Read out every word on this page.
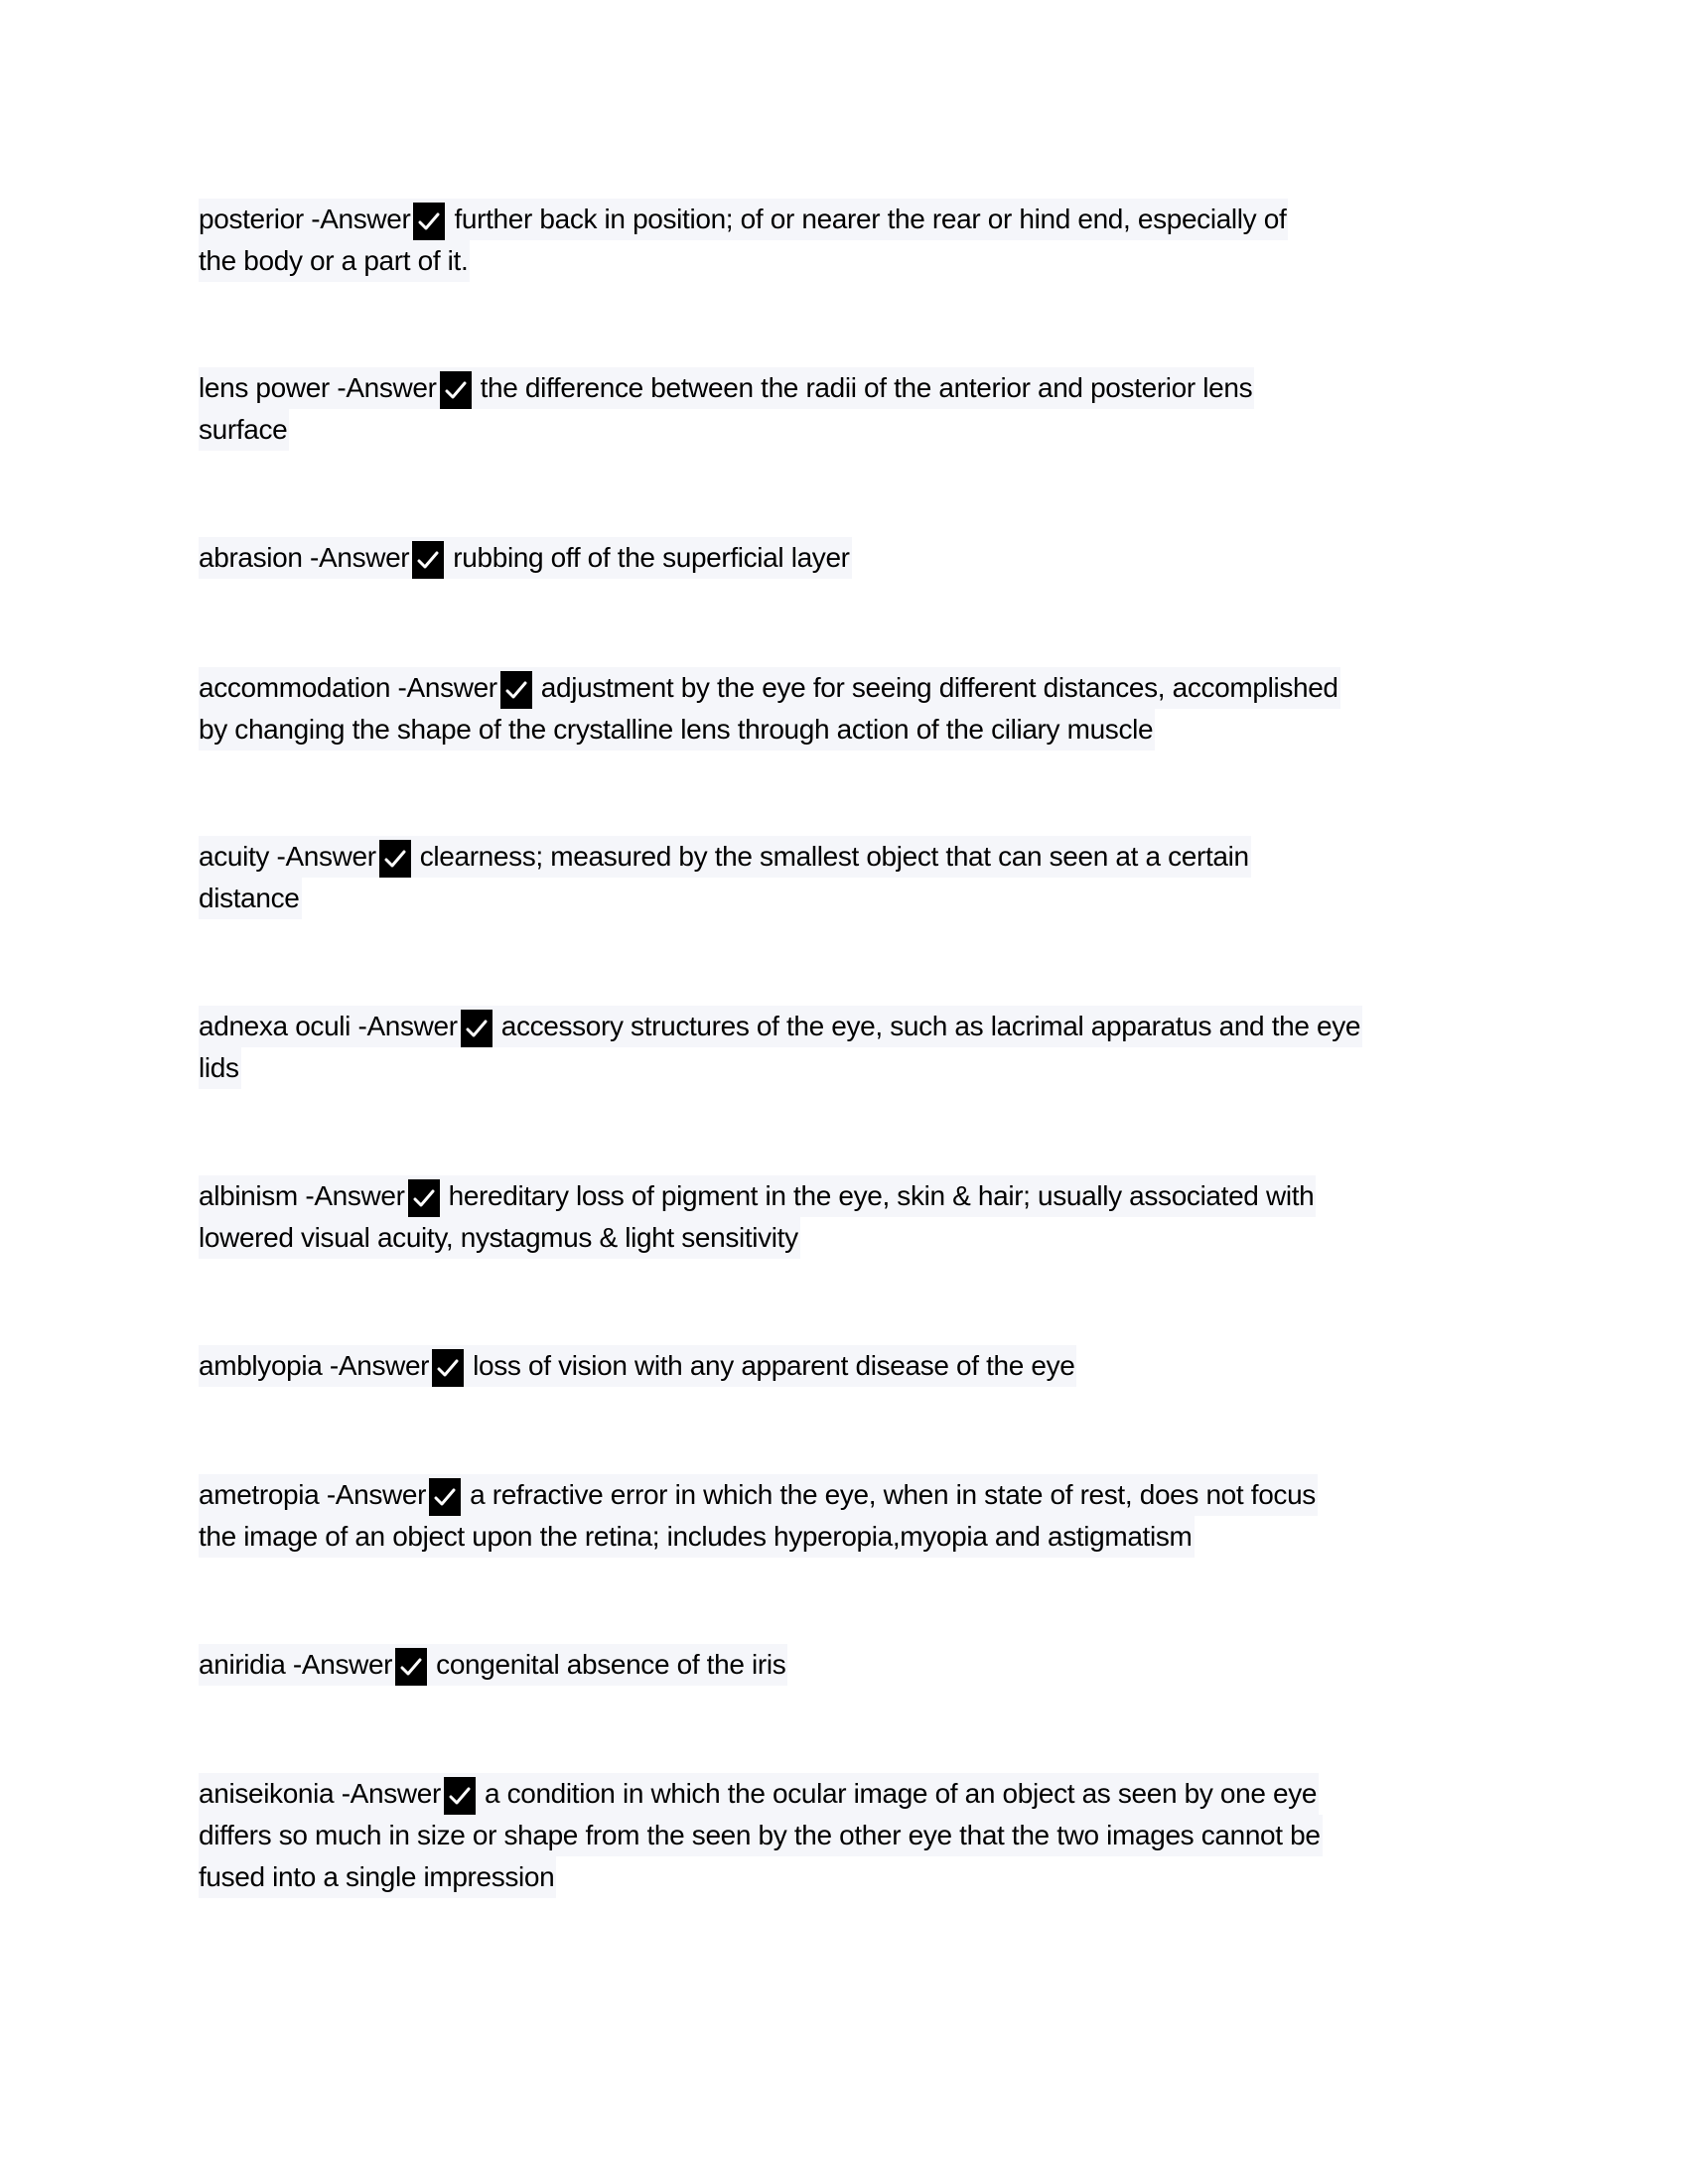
posterior -Answer further back in position; of or nearer the rear or hind end, especially of
the body or a part of it.
lens power -Answer the difference between the radii of the anterior and posterior lens
surface
abrasion -Answer rubbing off of the superficial layer
accommodation -Answer adjustment by the eye for seeing different distances, accomplished
by changing the shape of the crystalline lens through action of the ciliary muscle
acuity -Answer clearness; measured by the smallest object that can seen at a certain
distance
adnexa oculi -Answer accessory structures of the eye, such as lacrimal apparatus and the eye
lids
albinism -Answer hereditary loss of pigment in the eye, skin & hair; usually associated with
lowered visual acuity, nystagmus & light sensitivity
amblyopia -Answer loss of vision with any apparent disease of the eye
ametropia -Answer a refractive error in which the eye, when in state of rest, does not focus
the image of an object upon the retina; includes hyperopia,myopia and astigmatism
aniridia -Answer congenital absence of the iris
aniseikonia -Answer a condition in which the ocular image of an object as seen by one eye
differs so much in size or shape from the seen by the other eye that the two images cannot be
fused into a single impression
